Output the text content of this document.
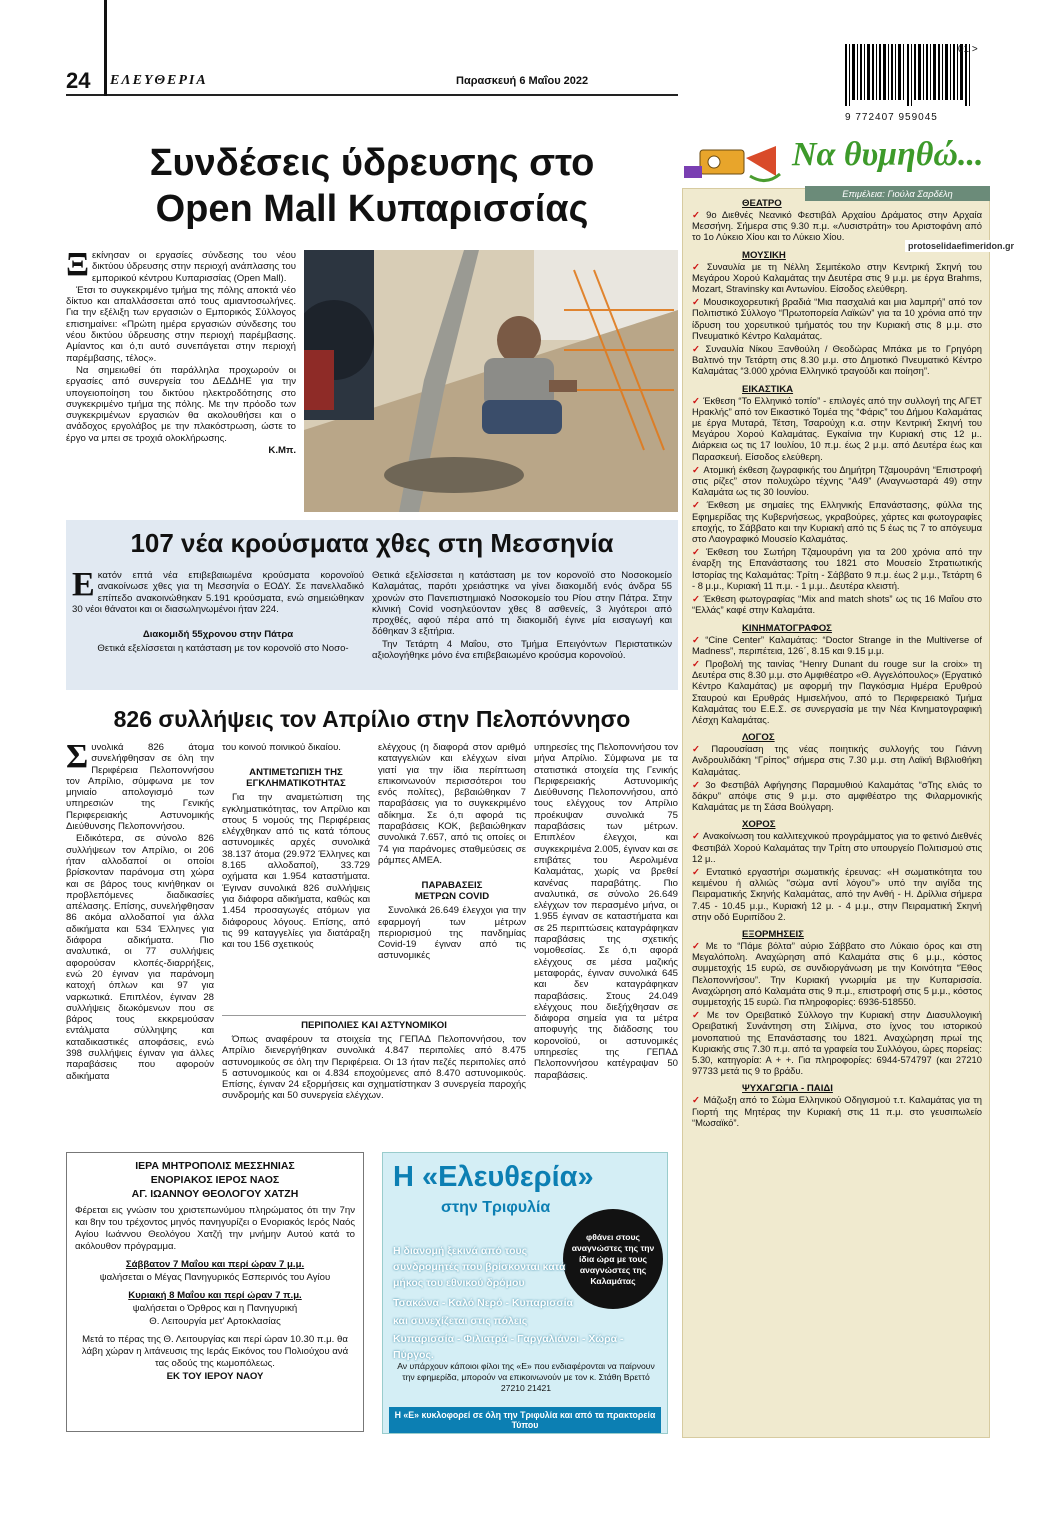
24 ΕΛΕΥΘΕΡΙΑ	Παρασκευή 6 Μαΐου 2022
9 772407 959045
01 >
Συνδέσεις ύδρευσης στο
Open Mall Κυπαρισσίας
Ξ εκίνησαν οι εργασίες σύνδεσης του νέου δικτύου ύδρευσης στην περιοχή ανάπλασης του εμπορικού κέντρου Κυπαρισσίας (Open Mall).

Έτσι το συγκεκριμένο τμήμα της πόλης αποκτά νέο δίκτυο και απαλλάσσεται από τους αμιαντοσωλήνες. Για την εξέλιξη των εργασιών ο Εμπορικός Σύλλογος επισημαίνει: «Πρώτη ημέρα εργασιών σύνδεσης του νέου δικτύου ύδρευσης στην περιοχή παρέμβασης. Αμίαντος και ό,τι αυτό συνεπάγεται στην περιοχή παρέμβασης, τέλος».

Να σημειωθεί ότι παράλληλα προχωρούν οι εργασίες από συνεργεία του ΔΕΔΔΗΕ για την υπογειοποίηση του δικτύου ηλεκτροδότησης στο συγκεκριμένο τμήμα της πόλης. Με την πρόοδο των συγκεκριμένων εργασιών θα ακολουθήσει και ο ανάδοχος εργολάβος με την πλακόστρωση, ώστε το έργο να μπει σε τροχιά ολοκλήρωσης.

Κ.Μπ.
107 νέα κρούσματα χθες στη Μεσσηνία
Ε κατόν επτά νέα επιβεβαιωμένα κρούσματα κορονοϊού ανακοίνωσε χθες για τη Μεσσηνία ο ΕΟΔΥ. Σε πανελλαδικό επίπεδο ανακοινώθηκαν 5.191 κρούσματα, ενώ σημειώθηκαν 30 νέοι θάνατοι και οι διασωληνωμένοι ήταν 224.

Διακομιδή 55χρονου στην Πάτρα

Θετικά εξελίσσεται η κατάσταση με τον κορονοϊό στο Νοσο-

Θετικά εξελίσσεται η κατάσταση με τον κορονοϊό στο Νοσοκομείο Καλαμάτας, παρότι χρειάστηκε να γίνει διακομιδή ενός άνδρα 55 χρονών στο Πανεπιστημιακό Νοσοκομείο του Ρίου στην Πάτρα. Στην κλινική Covid νοσηλεύονταν χθες 8 ασθενείς, 3 λιγότεροι από προχθές, αφού πέρα από τη διακομιδή έγινε μία εισαγωγή και δόθηκαν 3 εξιτήρια.

Την Τετάρτη 4 Μαΐου, στο Τμήμα Επειγόντων Περιστατικών αξιολογήθηκε μόνο ένα επιβεβαιωμένο κρούσμα κορονοϊού.

826 συλλήψεις τον Απρίλιο στην Πελοπόννησο
Σ υνολικά 826 άτομα συνελήφθησαν σε όλη την Περιφέρεια Πελοποννήσου τον Απρίλιο, σύμφωνα με τον μηνιαίο απολογισμό των υπηρεσιών της Γενικής Περιφερειακής Αστυνομικής Διεύθυνσης Πελοποννήσου.

Ειδικότερα, σε σύνολο 826 συλλήψεων τον Απρίλιο, οι 206 ήταν αλλοδαποί οι οποίοι βρίσκονταν παράνομα στη χώρα και σε βάρος τους κινήθηκαν οι προβλεπόμενες διαδικασίες απέλασης. Επίσης, συνελήφθησαν 86 ακόμα αλλοδαποί για άλλα αδικήματα και 534 Έλληνες για διάφορα αδικήματα. Πιο αναλυτικά, οι 77 συλλήψεις αφορούσαν κλοπές-διαρρήξεις, ενώ 20 έγιναν για παράνομη κατοχή όπλων και 97 για ναρκωτικά. Επιπλέον, έγιναν 28 συλλήψεις διωκόμενων που σε βάρος τους εκκρεμούσαν εντάλματα σύλληψης και καταδικαστικές αποφάσεις, ενώ 398 συλλήψεις έγιναν για άλλες παραβάσεις που αφορούν αδικήματα

του κοινού ποινικού δικαίου.

ΑΝΤΙΜΕΤΩΠΙΣΗ ΤΗΣ
ΕΓΚΛΗΜΑΤΙΚΟΤΗΤΑΣ

Για την αναμετώπιση της εγκληματικότητας, τον Απρίλιο και στους 5 νομούς της Περιφέρειας ελέγχθηκαν από τις κατά τόπους αστυνομικές αρχές συνολικά 38.137 άτομα (29.972 Έλληνες και 8.165 αλλοδαποί), 33.729 οχήματα και 1.954 καταστήματα. Έγιναν συνολικά 826 συλλήψεις για διάφορα αδικήματα, καθώς και 1.454 προσαγωγές ατόμων για διάφορους λόγους. Επίσης, από τις 99 καταγγελίες για διατάραξη και του 156 σχετικούς

ελέγχους (η διαφορά στον αριθμό καταγγελιών και ελέγχων είναι γιατί για την ίδια περίπτωση επικοινωνούν περισσότεροι του ενός πολίτες), βεβαιώθηκαν 7 παραβάσεις για το συγκεκριμένο αδίκημα. Σε ό,τι αφορά τις παραβάσεις ΚΟΚ, βεβαιώθηκαν συνολικά 7.657, από τις οποίες οι 74 για παράνομες σταθμεύσεις σε ράμπες ΑΜΕΑ.

ΠΑΡΑΒΑΣΕΙΣ
ΜΕΤΡΩΝ COVID

Συνολικά 26.649 έλεγχοι για την εφαρμογή των μέτρων περιορισμού της πανδημίας Covid-19 έγιναν από τις αστυνομικές

υπηρεσίες της Πελοποννήσου τον μήνα Απρίλιο. Σύμφωνα με τα στατιστικά στοιχεία της Γενικής Περιφερειακής Αστυνομικής Διεύθυνσης Πελοποννήσου, από τους ελέγχους τον Απρίλιο προέκυψαν συνολικά 75 παραβάσεις των μέτρων. Επιπλέον έλεγχοι, και συγκεκριμένα 2.005, έγιναν και σε επιβάτες του Αερολιμένα Καλαμάτας, χωρίς να βρεθεί κανένας παραβάτης. Πιο αναλυτικά, σε σύνολο 26.649 ελέγχων τον περασμένο μήνα, οι 1.955 έγιναν σε καταστήματα και σε 25 περιπτώσεις καταγράφηκαν παραβάσεις της σχετικής νομοθεσίας. Σε ό,τι αφορά ελέγχους σε μέσα μαζικής μεταφοράς, έγιναν συνολικά 645 και δεν καταγράφηκαν παραβάσεις. Στους 24.049 ελέγχους που διεξήχθησαν σε διάφορα σημεία για τα μέτρα αποφυγής της διάδοσης του κορονοϊού, οι αστυνομικές υπηρεσίες της ΓΕΠΑΔ Πελοποννήσου κατέγραψαν 50 παραβάσεις.

ΠΕΡΙΠΟΛΙΕΣ ΚΑΙ ΑΣΤΥΝΟΜΙΚΟΙ

Όπως αναφέρουν τα στοιχεία της ΓΕΠΑΔ Πελοποννήσου, τον Απρίλιο διενεργήθηκαν συνολικά 4.847 περιπολίες από 8.475 αστυνομικούς σε όλη την Περιφέρεια. Οι 13 ήταν πεζές περιπολίες από 5 αστυνομικούς και οι 4.834 εποχούμενες από 8.470 αστυνομικούς. Επίσης, έγιναν 24 εξορμήσεις και σχηματίστηκαν 3 συνεργεία παροχής συνδρομής και 50 συνεργεία ελέγχων.

ΙΕΡΑ ΜΗΤΡΟΠΟΛΙΣ ΜΕΣΣΗΝΙΑΣ
ΕΝΟΡΙΑΚΟΣ ΙΕΡΟΣ ΝΑΟΣ
ΑΓ. ΙΩΑΝΝΟΥ ΘΕΟΛΟΓΟΥ ΧΑΤΖΗ

Φέρεται εις γνώσιν του χριστεπωνύμου πληρώματος ότι την 7ην και 8ην του τρέχοντος μηνός πανηγυρίζει ο Ενοριακός Ιερός Ναός Αγίου Ιωάννου Θεολόγου Χατζή την μνήμην Αυτού κατά το ακόλουθον πρόγραμμα.

Σάββατον 7 Μαΐου και περί ώραν 7 μ.μ.

ψαλήσεται ο Μέγας Πανηγυρικός Εσπερινός του Αγίου

Κυριακή 8 Μαΐου και περί ώραν 7 π.μ.

ψαλήσεται ο Όρθρος και η Πανηγυρική

Θ. Λειτουργία μετ' Αρτοκλασίας

Μετά το πέρας της Θ. Λειτουργίας και περί ώραν 10.30 π.μ. θα λάβη χώραν η λιτάνευσις της Ιεράς Εικόνος του Πολιούχου ανά τας οδούς της κωμοπόλεως.

ΕΚ ΤΟΥ ΙΕΡΟΥ ΝΑΟΥ

Η «Ελευθερία»
στην Τριφυλία
φθάνει στους αναγνώστες της την ίδια ώρα με τους αναγνώστες της Καλαμάτας
Η διανομή ξεκινά από τους συνδρομητές που βρίσκονται κατά μήκος του εθνικού δρόμου
Τσακώνα - Καλό Νερό - Κυπαρισσία
και συνεχίζεται στις πόλεις
Κυπαρισσία - Φιλιατρά - Γαργαλιάνοι - Χώρα - Πύργος.
Αν υπάρχουν κάποιοι φίλοι της «Ε» που ενδιαφέρονται να παίρνουν την εφημερίδα, μπορούν να επικοινωνούν με τον κ. Στάθη Βρεττό 27210 21421
Η «Ε» κυκλοφορεί σε όλη την Τριφυλία και από τα πρακτορεία Τύπου
Να θυμηθώ...
Επιμέλεια: Γιούλα Σαρδέλη
protoselidaefimeridon.gr
ΘΕΑΤΡΟ
✓ 9ο Διεθνές Νεανικό Φεστιβάλ Αρχαίου Δράματος στην Αρχαία Μεσσήνη. Σήμερα στις 9.30 π.μ. «Λυσιστράτη» του Αριστοφάνη από το 1ο Λύκειο Χίου και το Λύκειο Χίου.
ΜΟΥΣΙΚΗ
✓ Συναυλία με τη Νέλλη Σεμιτέκολο στην Κεντρική Σκηνή του Μεγάρου Χορού Καλαμάτας την Δευτέρα στις 9 μ.μ. με έργα Brahms, Mozart, Stravinsky και Αντωνίου. Είσοδος ελεύθερη.
✓ Μουσικοχορευτική βραδιά “Μια πασχαλιά και μια λαμπρή” από τον Πολιτιστικό Σύλλογο “Πρωτοπορεία Λαϊκών” για τα 10 χρόνια από την ίδρυση του χορευτικού τμήματός του την Κυριακή στις 8 μ.μ. στο Πνευματικό Κέντρο Καλαμάτας.
✓ Συναυλία Νίκου Ξανθούλη / Θεοδώρας Μπάκα με το Γρηγόρη Βαλτινό την Τετάρτη στις 8.30 μ.μ. στο Δημοτικό Πνευματικό Κέντρο Καλαμάτας “3.000 χρόνια Ελληνικό τραγούδι και ποίηση”.
ΕΙΚΑΣΤΙΚΑ
✓ Έκθεση “Το Ελληνικό τοπίο” - επιλογές από την συλλογή της ΑΓΕΤ Ηρακλής” από τον Εικαστικό Τομέα της “Φάρις” του Δήμου Καλαμάτας με έργα Μυταρά, Τέτση, Τσαρούχη κ.α. στην Κεντρική Σκηνή του Μεγάρου Χορού Καλαμάτας. Εγκαίνια την Κυριακή στις 12 μ.. Διάρκεια ως τις 17 Ιουλίου, 10 π.μ. έως 2 μ.μ. από Δευτέρα έως και Παρασκευή. Είσοδος ελεύθερη.
✓ Ατομική έκθεση ζωγραφικής του Δημήτρη Τζαμουράνη “Επιστροφή στις ρίζες” στον πολυχώρο τέχνης “Α49” (Αναγνωσταρά 49) στην Καλαμάτα ως τις 30 Ιουνίου.
✓ Έκθεση με σημαίες της Ελληνικής Επανάστασης, φύλλα της Εφημερίδας της Κυβερνήσεως, γκραβούρες, χάρτες και φωτογραφίες εποχής, το Σάββατο και την Κυριακή από τις 5 έως τις 7 το απόγευμα στο Λαογραφικό Μουσείο Καλαμάτας.
✓ Έκθεση του Σωτήρη Τζαμουράνη για τα 200 χρόνια από την έναρξη της Επανάστασης του 1821 στο Μουσείο Στρατιωτικής Ιστορίας της Καλαμάτας: Τρίτη - Σάββατο 9 π.μ. έως 2 μ.μ., Τετάρτη 6 - 8 μ.μ., Κυριακή 11 π.μ. - 1 μ.μ.. Δευτέρα κλειστή.
✓ Έκθεση φωτογραφίας “Mix and match shots” ως τις 16 Μαΐου στο “Ελλάς” καφέ στην Καλαμάτα.
ΚΙΝΗΜΑΤΟΓΡΑΦΟΣ
✓ “Cine Center” Καλαμάτας: “Doctor Strange in the Multiverse of Madness”, περιπέτεια, 126΄, 8.15 και 9.15 μ.μ.
✓ Προβολή της ταινίας “Henry Dunant du rouge sur la croix» τη Δευτέρα στις 8.30 μ.μ. στο Αμφιθέατρο «Θ. Αγγελόπουλος» (Εργατικό Κέντρο Καλαμάτας) με αφορμή την Παγκόσμια Ημέρα Ερυθρού Σταυρού και Ερυθράς Ημισελήνου, από το Περιφερειακό Τμήμα Καλαμάτας του Ε.Ε.Σ. σε συνεργασία με την Νέα Κινηματογραφική Λέσχη Καλαμάτας.
ΛΟΓΟΣ
✓ Παρουσίαση της νέας ποιητικής συλλογής του Γιάννη Ανδρουλιδάκη “Γρίπος” σήμερα στις 7.30 μ.μ. στη Λαϊκή Βιβλιοθήκη Καλαμάτας.
✓ 3ο Φεστιβάλ Αφήγησης Παραμυθιού Καλαμάτας “σΤης ελιάς το δάκρυ” απόψε στις 9 μ.μ. στο αμφιθέατρο της Φιλαρμονικής Καλαμάτας με τη Σάσα Βούλγαρη.
ΧΟΡΟΣ
✓ Ανακοίνωση του καλλιτεχνικού προγράμματος για το φετινό Διεθνές Φεστιβάλ Χορού Καλαμάτας την Τρίτη στο υπουργείο Πολιτισμού στις 12 μ..
✓ Εντατικό εργαστήρι σωματικής έρευνας: «Η σωματικότητα του κειμένου ή αλλιώς ''σώμα αντί λόγου''» υπό την αιγίδα της Πειραματικής Σκηνής Καλαμάτας, από την Ανθή - Η. Δρίλλια σήμερα 7.45 - 10.45 μ.μ., Κυριακή 12 μ. - 4 μ.μ., στην Πειραματική Σκηνή στην οδό Ευριπίδου 2.
ΕΞΟΡΜΗΣΕΙΣ
✓ Με το “Πάμε βόλτα” αύριο Σάββατο στο Λύκαιο όρος και στη Μεγαλόπολη. Αναχώρηση από Καλαμάτα στις 6 μ.μ., κόστος συμμετοχής 15 ευρώ, σε συνδιοργάνωση με την Κοινότητα “Έθος Πελοποννήσου”. Την Κυριακή γνωριμία με την Κυπαρισσία. Αναχώρηση από Καλαμάτα στις 9 π.μ., επιστροφή στις 5 μ.μ., κόστος συμμετοχής 15 ευρώ. Για πληροφορίες: 6936-518550.
✓ Με τον Ορειβατικό Σύλλογο την Κυριακή στην Διασυλλογική Ορειβατική Συνάντηση στη Σιλίμνα, στο ίχνος του ιστορικού μονοπατιού της Επανάστασης του 1821. Αναχώρηση πρωί της Κυριακής στις 7.30 π.μ. από τα γραφεία του Συλλόγου, ώρες πορείας: 5.30, κατηγορία: Α + +. Για πληροφορίες: 6944-574797 (και 27210 97733 μετά τις 9 το βράδυ.
ΨΥΧΑΓΩΓΙΑ - ΠΑΙΔΙ
✓ Μάζωξη από το Σώμα Ελληνικού Οδηγισμού τ.τ. Καλαμάτας για τη Γιορτή της Μητέρας την Κυριακή στις 11 π.μ. στο γευσιπωλείο “Μωσαϊκό”.
